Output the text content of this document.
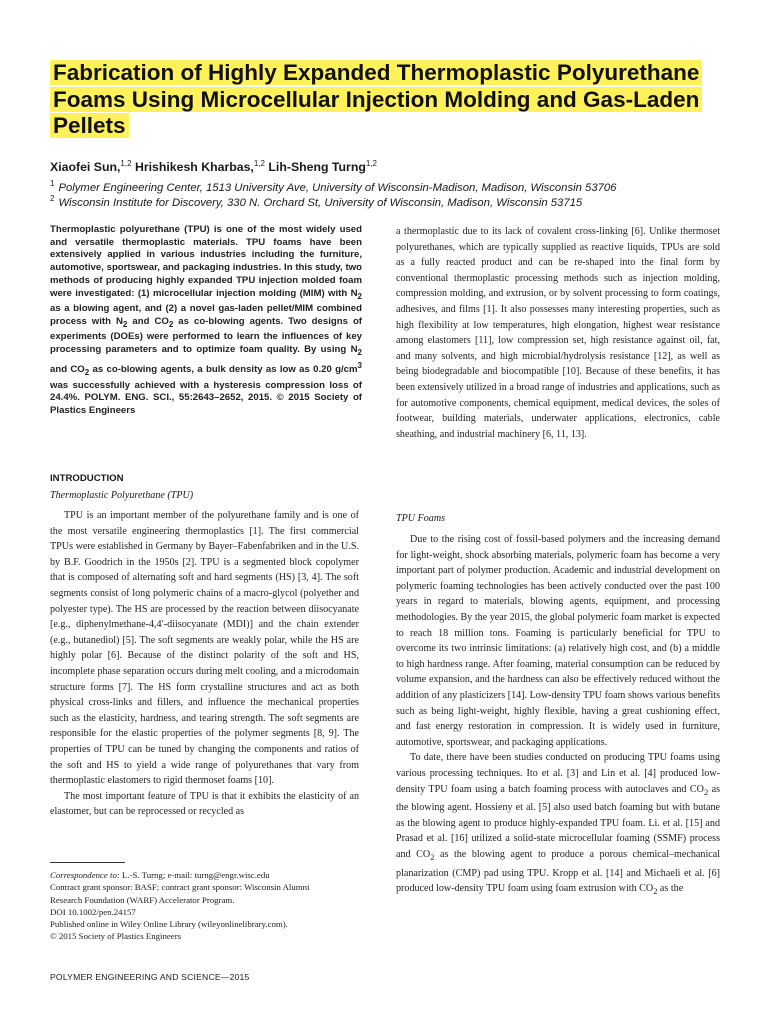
Fabrication of Highly Expanded Thermoplastic Polyurethane
Foams Using Microcellular Injection Molding and Gas-Laden
Pellets
Xiaofei Sun,$^{1,2}$ Hrishikesh Kharbas,$^{1,2}$ Lih-Sheng Turng$^{1,2}$
$^1$ Polymer Engineering Center, 1513 University Ave, University of Wisconsin-Madison, Madison, Wisconsin 53706
$^2$ Wisconsin Institute for Discovery, 330 N. Orchard St, University of Wisconsin, Madison, Wisconsin 53715

Thermoplastic polyurethane (TPU) is one of the most widely used and versatile thermoplastic materials. TPU foams have been extensively applied in various industries including the furniture, automotive, sportswear, and packaging industries. In this study, two methods of producing highly expanded TPU injection molded foam were investigated: (1) microcellular injection molding (MIM) with $N_2$ as a blowing agent, and (2) a novel gas-laden pellet/MIM combined process with $N_2$ and $CO_2$ as co-blowing agents. Two designs of experiments (DOEs) were performed to learn the influences of key processing parameters and to optimize foam quality. By using $N_2$ and $CO_2$ as co-blowing agents, a bulk density as low as 0.20 $g/cm^3$ was successfully achieved with a hysteresis compression loss of 24.4%. POLYM. ENG. SCI., 55:2643–2652, 2015. © 2015 Society of Plastics Engineers

INTRODUCTION
Thermoplastic Polyurethane (TPU)

TPU is an important member of the polyurethane family and is one of the most versatile engineering thermoplastics [1]. The first commercial TPUs were established in Germany by Bayer–Fabenfabriken and in the U.S. by B.F. Goodrich in the 1950s [2]. TPU is a segmented block copolymer that is composed of alternating soft and hard segments (HS) [3, 4]. The soft segments consist of long polymeric chains of a macro-glycol (polyether and polyester type). The HS are processed by the reaction between diisocyanate [e.g., diphenylmethane-4,4′-diisocyanate (MDI)] and the chain extender (e.g., butanediol) [5]. The soft segments are weakly polar, while the HS are highly polar [6]. Because of the distinct polarity of the soft and HS, incomplete phase separation occurs during melt cooling, and a microdomain structure forms [7]. The HS form crystalline structures and act as both physical cross-links and fillers, and influence the mechanical properties such as the elasticity, hardness, and tearing strength. The soft segments are responsible for the elastic properties of the polymer segments [8, 9]. The properties of TPU can be tuned by changing the components and ratios of the soft and HS to yield a wide range of polyurethanes that vary from thermoplastic elastomers to rigid thermoset foams [10].

The most important feature of TPU is that it exhibits the elasticity of an elastomer, but can be reprocessed or recycled as

a thermoplastic due to its lack of covalent cross-linking [6]. Unlike thermoset polyurethanes, which are typically supplied as reactive liquids, TPUs are sold as a fully reacted product and can be re-shaped into the final form by conventional thermoplastic processing methods such as injection molding, compression molding, and extrusion, or by solvent processing to form coatings, adhesives, and films [1]. It also possesses many interesting properties, such as high flexibility at low temperatures, high elongation, highest wear resistance among elastomers [11], low compression set, high resistance against oil, fat, and many solvents, and high microbial/hydrolysis resistance [12], as well as being biodegradable and biocompatible [10]. Because of these benefits, it has been extensively utilized in a broad range of industries and applications, such as for automotive components, chemical equipment, medical devices, the soles of footwear, building materials, underwater applications, electronics, cable sheathing, and industrial machinery [6, 11, 13].

TPU Foams

Due to the rising cost of fossil-based polymers and the increasing demand for light-weight, shock absorbing materials, polymeric foam has become a very important part of polymer production. Academic and industrial development on polymeric foaming technologies has been actively conducted over the past 100 years in regard to materials, blowing agents, equipment, and processing methodologies. By the year 2015, the global polymeric foam market is expected to reach 18 million tons. Foaming is particularly beneficial for TPU to overcome its two intrinsic limitations: (a) relatively high cost, and (b) a middle to high hardness range. After foaming, material consumption can be reduced by volume expansion, and the hardness can also be effectively reduced without the addition of any plasticizers [14]. Low-density TPU foam shows various benefits such as being light-weight, highly flexible, having a great cushioning effect, and fast energy restoration in compression. It is widely used in furniture, automotive, sportswear, and packaging applications.

To date, there have been studies conducted on producing TPU foams using various processing techniques. Ito et al. [3] and Lin et al. [4] produced low-density TPU foam using a batch foaming process with autoclaves and $CO_2$ as the blowing agent. Hossieny et al. [5] also used batch foaming but with butane as the blowing agent to produce highly-expanded TPU foam. Li. et al. [15] and Prasad et al. [16] utilized a solid-state microcellular foaming (SSMF) process and $CO_2$ as the blowing agent to produce a porous chemical–mechanical planarization (CMP) pad using TPU. Kropp et al. [14] and Michaeli et al. [6] produced low-density TPU foam using foam extrusion with $CO_2$ as the

Correspondence to: L.-S. Turng; e-mail: turng@engr.wisc.edu
Contract grant sponsor: BASF; contract grant sponsor: Wisconsin Alumni
Research Foundation (WARF) Accelerator Program.
DOI 10.1002/pen.24157
Published online in Wiley Online Library (wileyonlinelibrary.com).
© 2015 Society of Plastics Engineers
POLYMER ENGINEERING AND SCIENCE—2015
